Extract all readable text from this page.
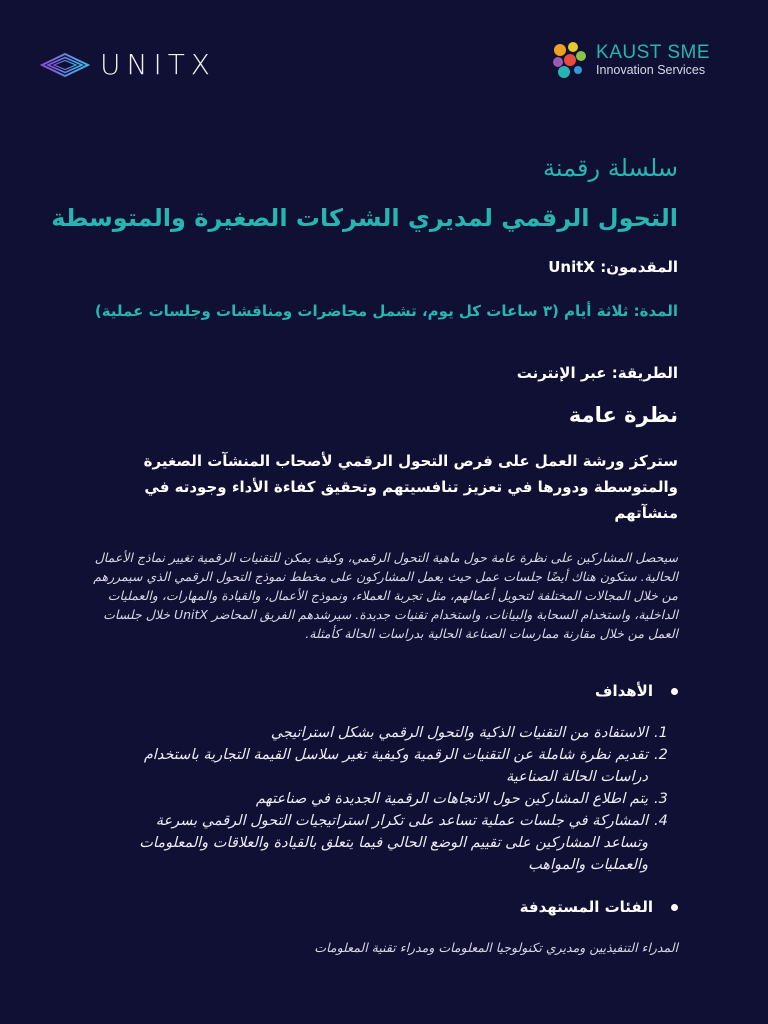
UNITX	KAUST SME
Innovation Services
سلسلة رقمنة
التحول الرقمي لمديري الشركات الصغيرة والمتوسطة
المقدمون: UnitX
المدة: ثلاثة أيام (٣ ساعات كل يوم، تشمل محاضرات ومناقشات وجلسات عملية)
الطريقة: عبر الإنترنت
نظرة عامة
ستركز ورشة العمل على فرص التحول الرقمي لأصحاب المنشآت الصغيرة والمتوسطة ودورها في تعزيز تنافسيتهم وتحقيق كفاءة الأداء وجودته في منشآتهم
سيحصل المشاركين على نظرة عامة حول ماهية التحول الرقمي، وكيف يمكن للتقنيات الرقمية تغيير نماذج الأعمال الحالية. ستكون هناك أيضًا جلسات عمل حيث يعمل المشاركون على مخطط نموذج التحول الرقمي الذي سيمررهم من خلال المجالات المختلفة لتحويل أعمالهم، مثل تجربة العملاء، ونموذج الأعمال، والقيادة والمهارات، والعمليات الداخلية، واستخدام السحابة والبيانات، واستخدام تقنيات جديدة. سيرشدهم الفريق المحاضر UnitX خلال جلسات العمل من خلال مقارنة ممارسات الصناعة الحالية بدراسات الحالة كأمثلة.
الأهداف
1.
الاستفادة من التقنيات الذكية والتحول الرقمي بشكل استراتيجي
2.
تقديم نظرة شاملة عن التقنيات الرقمية وكيفية تغير سلاسل القيمة التجارية باستخدام دراسات الحالة الصناعية
3.
يتم اطلاع المشاركين حول الاتجاهات الرقمية الجديدة في صناعتهم
4.
المشاركة في جلسات عملية تساعد على تكرار استراتيجيات التحول الرقمي بسرعة وتساعد المشاركين على تقييم الوضع الحالي فيما يتعلق بالقيادة والعلاقات والمعلومات والعمليات والمواهب
الفئات المستهدفة
المدراء التنفيذيين ومديري تكنولوجيا المعلومات ومدراء تقنية المعلومات
